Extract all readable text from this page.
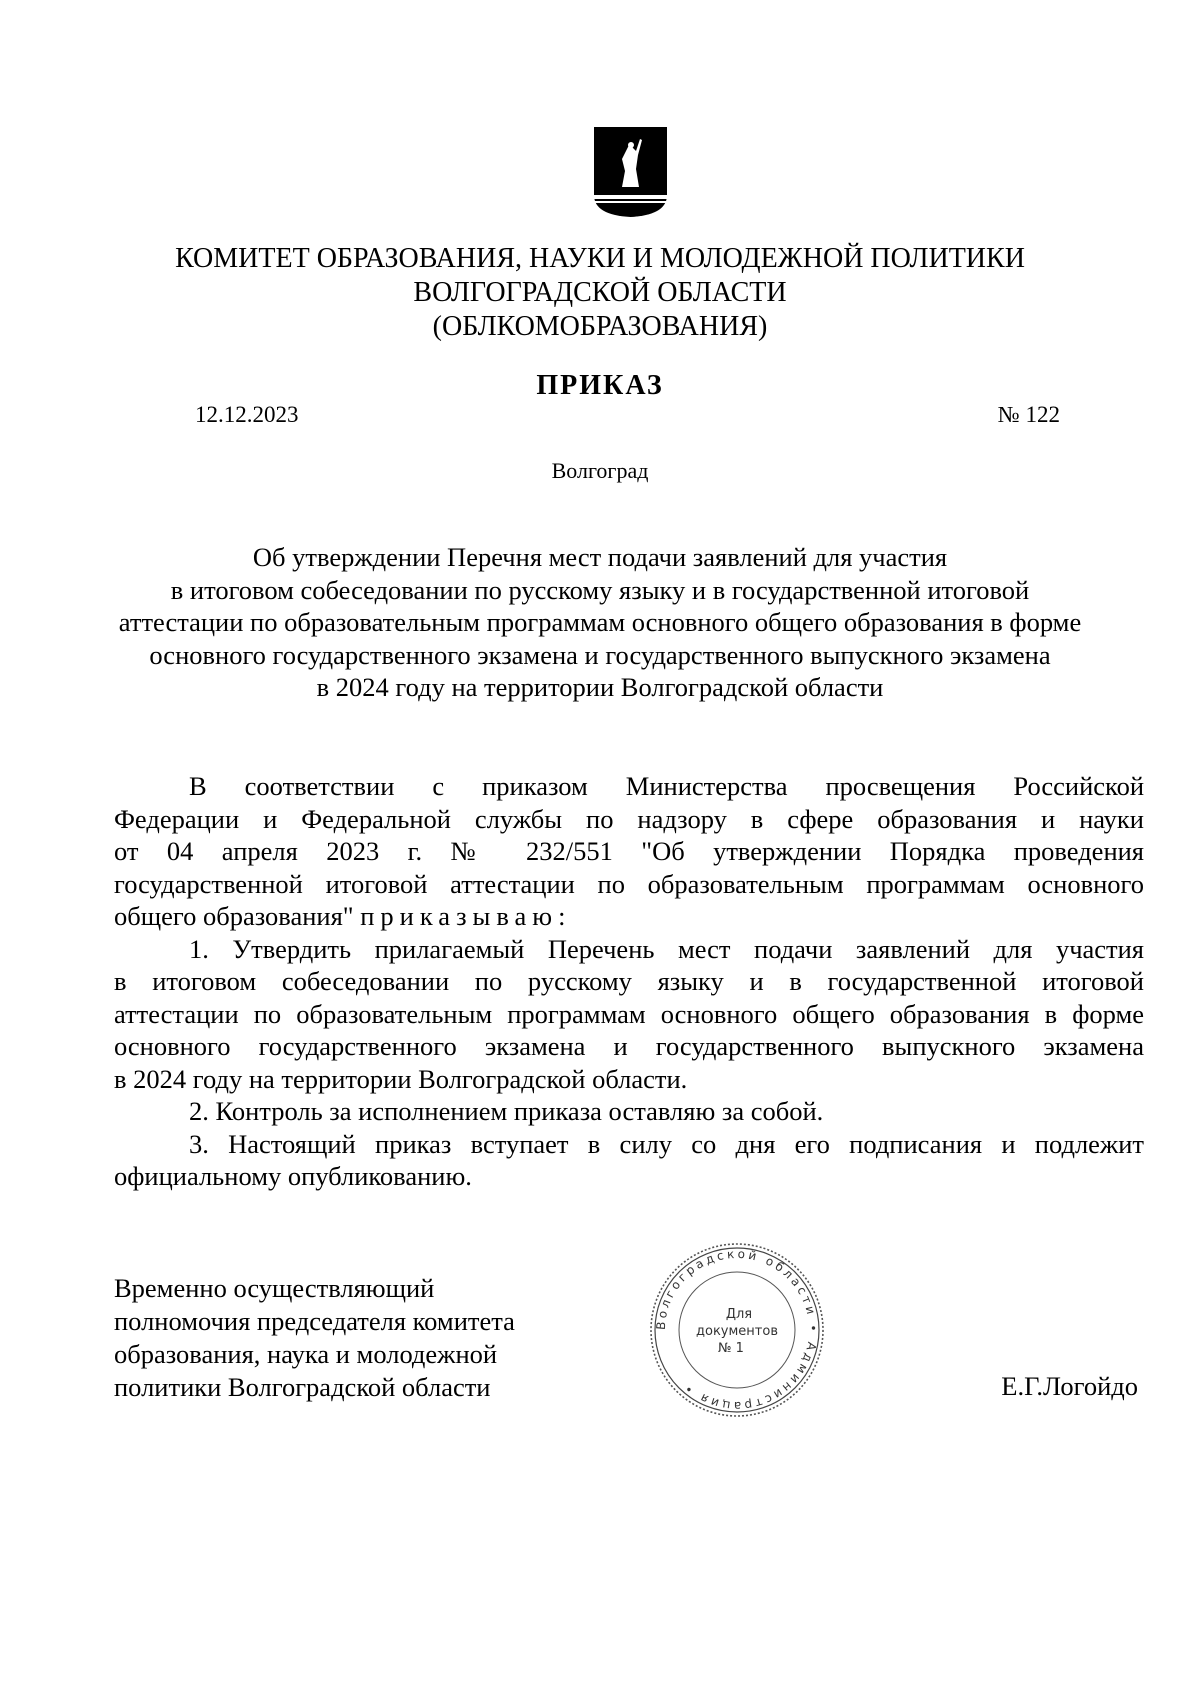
КОМИТЕТ ОБРАЗОВАНИЯ, НАУКИ И МОЛОДЕЖНОЙ ПОЛИТИКИ
ВОЛГОГРАДСКОЙ ОБЛАСТИ
(ОБЛКОМОБРАЗОВАНИЯ)
ПРИКАЗ
12.12.2023	№ 122
Волгоград
Об утверждении Перечня мест подачи заявлений для участия
в итоговом собеседовании по русскому языку и в государственной итоговой
аттестации по образовательным программам основного общего образования в форме
основного государственного экзамена и государственного выпускного экзамена
в 2024 году на территории Волгоградской области
В соответствии с приказом Министерства просвещения Российской
Федерации и Федеральной службы по надзору в сфере образования и науки
от 04 апреля 2023 г. № 232/551 "Об утверждении Порядка проведения
государственной итоговой аттестации по образовательным программам основного
общего образования" приказываю:
1. Утвердить прилагаемый Перечень мест подачи заявлений для участия
в итоговом собеседовании по русскому языку и в государственной итоговой
аттестации по образовательным программам основного общего образования в форме
основного государственного экзамена и государственного выпускного экзамена
в 2024 году на территории Волгоградской области.
2. Контроль за исполнением приказа оставляю за собой.
3. Настоящий приказ вступает в силу со дня его подписания и подлежит
официальному опубликованию.
Временно осуществляющий
полномочия председателя комитета
образования, наука и молодежной
политики Волгоградской области
Волгоградской области • Администрация •
Для
документов
№ 1
Е.Г.Логойдо
